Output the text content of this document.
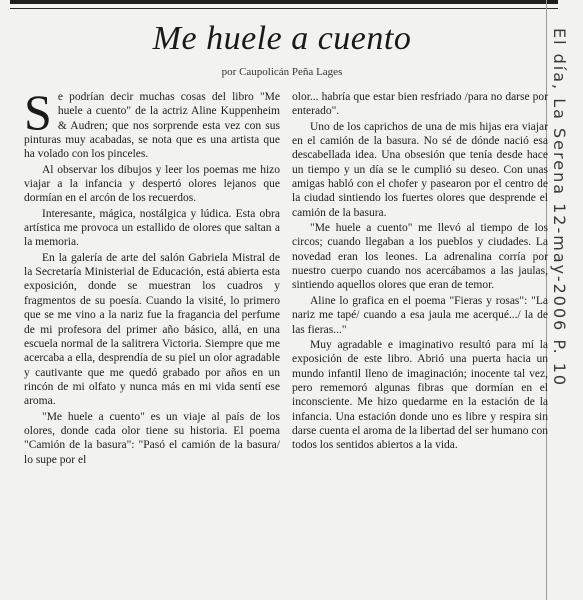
Me huele a cuento
por Caupolicán Peña Lages

Se podrían decir muchas cosas del libro "Me huele a cuento" de la actriz Aline Kuppenheim & Audren; que nos sorprende esta vez con sus pinturas muy acabadas, se nota que es una artista que ha volado con los pinceles.

Al observar los dibujos y leer los poemas me hizo viajar a la infancia y despertó olores lejanos que dormían en el arcón de los recuerdos.

Interesante, mágica, nostálgica y lúdica. Esta obra artística me provoca un estallido de olores que saltan a la memoria.

En la galería de arte del salón Gabriela Mistral de la Secretaría Ministerial de Educación, está abierta esta exposición, donde se muestran los cuadros y fragmentos de su poesía. Cuando la visité, lo primero que se me vino a la nariz fue la fragancia del perfume de mi profesora del primer año básico, allá, en una escuela normal de la salitrera Victoria. Siempre que me acercaba a ella, desprendía de su piel un olor agradable y cautivante que me quedó grabado por años en un rincón de mi olfato y nunca más en mi vida sentí ese aroma.

"Me huele a cuento" es un viaje al país de los olores, donde cada olor tiene su historia. El poema "Camión de la basura": "Pasó el camión de la basura/ lo supe por el

olor... habría que estar bien resfriado /para no darse por enterado".

Uno de los caprichos de una de mis hijas era viajar en el camión de la basura. No sé de dónde nació esa descabellada idea. Una obsesión que tenía desde hace un tiempo y un día se le cumplió su deseo. Con unas amigas habló con el chofer y pasearon por el centro de la ciudad sintiendo los fuertes olores que desprende el camión de la basura.

"Me huele a cuento" me llevó al tiempo de los circos; cuando llegaban a los pueblos y ciudades. La novedad eran los leones. La adrenalina corría por nuestro cuerpo cuando nos acercábamos a las jaulas, sintiendo aquellos olores que eran de temor.

Aline lo grafica en el poema "Fieras y rosas": "La nariz me tapé/ cuando a esa jaula me acerqué.../ la de las fieras..."

Muy agradable e imaginativo resultó para mí la exposición de este libro. Abrió una puerta hacia un mundo infantil lleno de imaginación; inocente tal vez, pero rememoró algunas fibras que dormían en el inconsciente. Me hizo quedarme en la estación de la infancia. Una estación donde uno es libre y respira sin darse cuenta el aroma de la libertad del ser humano con todos los sentidos abiertos a la vida.

El día, La Serena 12-may-2006 P. 10
